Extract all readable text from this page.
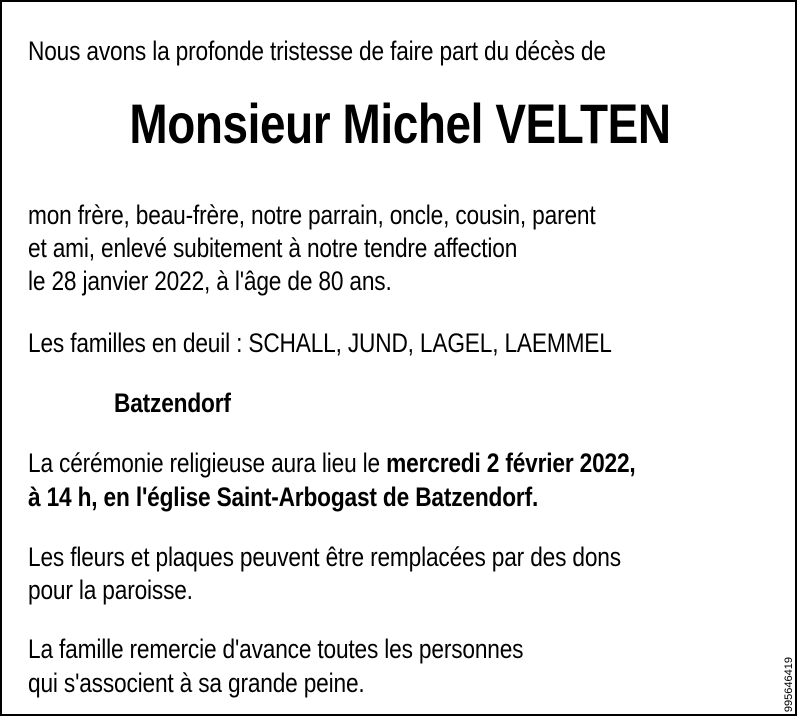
Nous avons la profonde tristesse de faire part du décès de

Monsieur Michel VELTEN

mon frère, beau-frère, notre parrain, oncle, cousin, parent

et ami, enlevé subitement à notre tendre affection

le 28 janvier 2022, à l'âge de 80 ans.

Les familles en deuil : SCHALL, JUND, LAGEL, LAEMMEL

Batzendorf

La cérémonie religieuse aura lieu le mercredi 2 février 2022,

à 14 h, en l'église Saint-Arbogast de Batzendorf.

Les fleurs et plaques peuvent être remplacées par des dons

pour la paroisse.

La famille remercie d'avance toutes les personnes

qui s'associent à sa grande peine.	995646419
